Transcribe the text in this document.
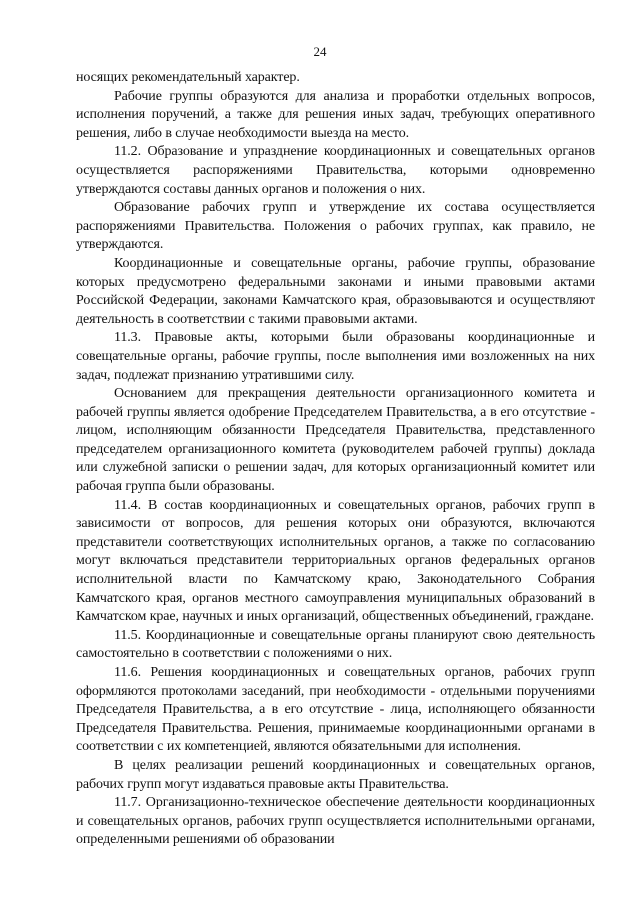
24

носящих рекомендательный характер.

Рабочие группы образуются для анализа и проработки отдельных вопросов, исполнения поручений, а также для решения иных задач, требующих оперативного решения, либо в случае необходимости выезда на место.

11.2. Образование и упразднение координационных и совещательных органов осуществляется распоряжениями Правительства, которыми одновременно утверждаются составы данных органов и положения о них.

Образование рабочих групп и утверждение их состава осуществляется распоряжениями Правительства. Положения о рабочих группах, как правило, не утверждаются.

Координационные и совещательные органы, рабочие группы, образование которых предусмотрено федеральными законами и иными правовыми актами Российской Федерации, законами Камчатского края, образовываются и осуществляют деятельность в соответствии с такими правовыми актами.

11.3. Правовые акты, которыми были образованы координационные и совещательные органы, рабочие группы, после выполнения ими возложенных на них задач, подлежат признанию утратившими силу.

Основанием для прекращения деятельности организационного комитета и рабочей группы является одобрение Председателем Правительства, а в его отсутствие - лицом, исполняющим обязанности Председателя Правительства, представленного председателем организационного комитета (руководителем рабочей группы) доклада или служебной записки о решении задач, для которых организационный комитет или рабочая группа были образованы.

11.4. В состав координационных и совещательных органов, рабочих групп в зависимости от вопросов, для решения которых они образуются, включаются представители соответствующих исполнительных органов, а также по согласованию могут включаться представители территориальных органов федеральных органов исполнительной власти по Камчатскому краю, Законодательного Собрания Камчатского края, органов местного самоуправления муниципальных образований в Камчатском крае, научных и иных организаций, общественных объединений, граждане.

11.5. Координационные и совещательные органы планируют свою деятельность самостоятельно в соответствии с положениями о них.

11.6. Решения координационных и совещательных органов, рабочих групп оформляются протоколами заседаний, при необходимости - отдельными поручениями Председателя Правительства, а в его отсутствие - лица, исполняющего обязанности Председателя Правительства. Решения, принимаемые координационными органами в соответствии с их компетенцией, являются обязательными для исполнения.

В целях реализации решений координационных и совещательных органов, рабочих групп могут издаваться правовые акты Правительства.

11.7. Организационно-техническое обеспечение деятельности координационных и совещательных органов, рабочих групп осуществляется исполнительными органами, определенными решениями об образовании
